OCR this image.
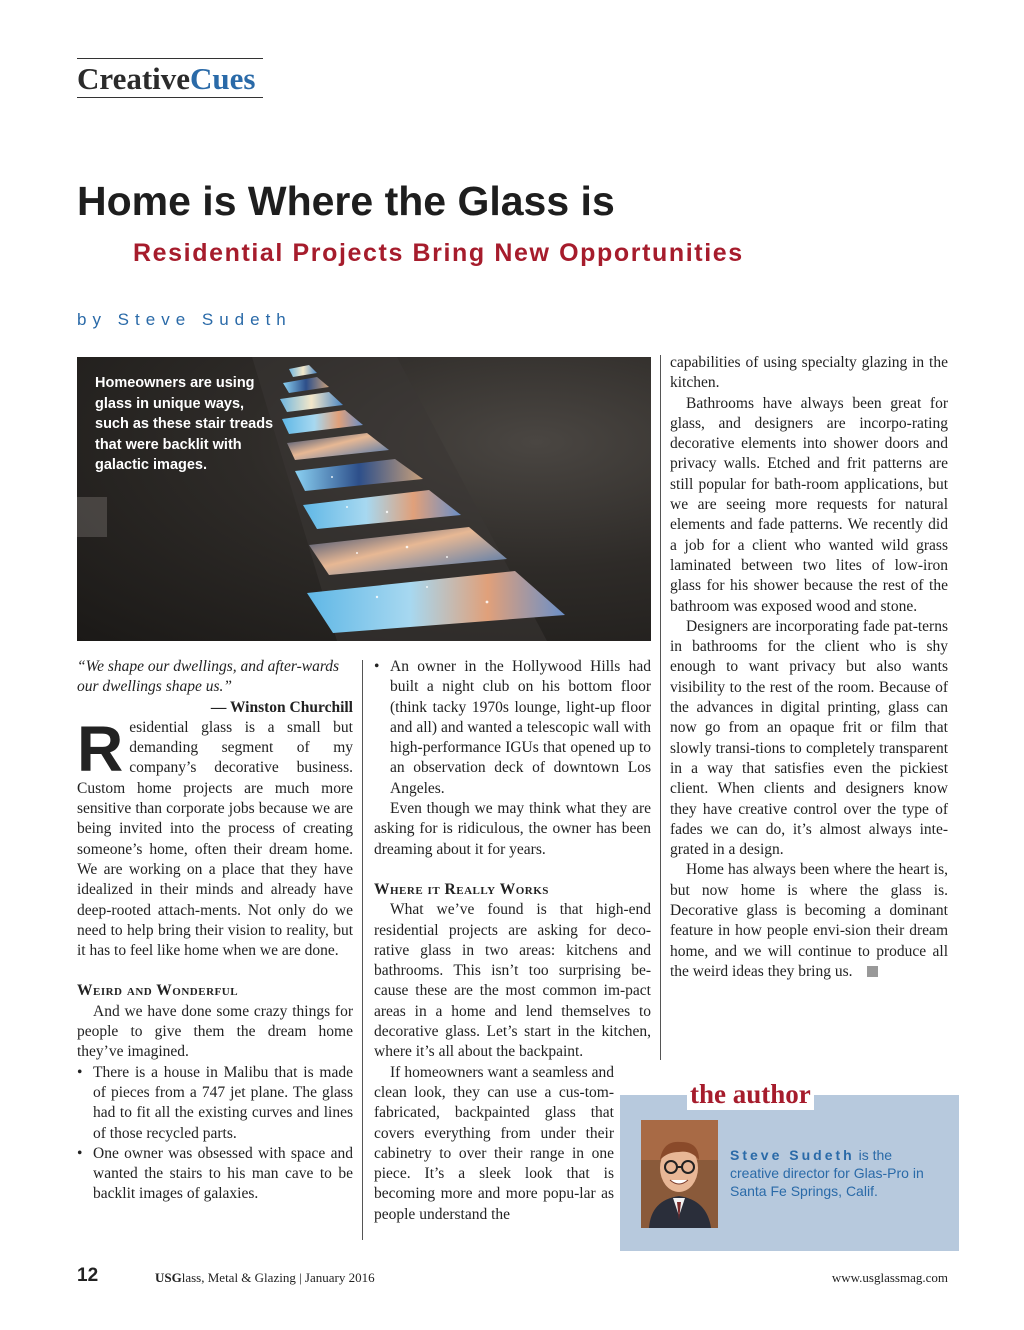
CreativeCues
Home is Where the Glass is
Residential Projects Bring New Opportunities
by Steve Sudeth
Homeowners are using glass in unique ways, such as these stair treads that were backlit with galactic images.

“We shape our dwellings, and after-wards our dwellings shape us.”

— Winston Churchill

Residential glass is a small but demanding segment of my company’s decorative business. Custom home projects are much more sensitive than corporate jobs because we are being invited into the process of creating someone’s home, often their dream home. We are working on a place that they have idealized in their minds and already have deep-rooted attach-ments. Not only do we need to help bring their vision to reality, but it has to feel like home when we are done.

Weird and Wonderful

And we have done some crazy things for people to give them the dream home they’ve imagined.

• There is a house in Malibu that is made of pieces from a 747 jet plane. The glass had to fit all the existing curves and lines of those recycled parts.

• One owner was obsessed with space and wanted the stairs to his man cave to be backlit images of galaxies.

• An owner in the Hollywood Hills had built a night club on his bottom floor (think tacky 1970s lounge, light-up floor and all) and wanted a telescopic wall with high-performance IGUs that opened up to an observation deck of downtown Los Angeles.

Even though we may think what they are asking for is ridiculous, the owner has been dreaming about it for years.

Where it Really Works

What we’ve found is that high-end residential projects are asking for deco-rative glass in two areas: kitchens and bathrooms. This isn’t too surprising be-cause these are the most common im-pact areas in a home and lend themselves to decorative glass. Let’s start in the kitchen, where it’s all about the backpaint.

If homeowners want a seamless and clean look, they can use a cus-tom-fabricated, backpainted glass that covers everything from under their cabinetry to over their range in one piece. It’s a sleek look that is becoming more and more popu-lar as people understand the

capabilities of using specialty glazing in the kitchen.

Bathrooms have always been great for glass, and designers are incorpo-rating decorative elements into shower doors and privacy walls. Etched and frit patterns are still popular for bath-room applications, but we are seeing more requests for natural elements and fade patterns. We recently did a job for a client who wanted wild grass laminated between two lites of low-iron glass for his shower because the rest of the bathroom was exposed wood and stone.

Designers are incorporating fade pat-terns in bathrooms for the client who is shy enough to want privacy but also wants visibility to the rest of the room. Because of the advances in digital printing, glass can now go from an opaque frit or film that slowly transi-tions to completely transparent in a way that satisfies even the pickiest client. When clients and designers know they have creative control over the type of fades we can do, it’s almost always inte-grated in a design.

Home has always been where the heart is, but now home is where the glass is. Decorative glass is becoming a dominant feature in how people envi-sion their dream home, and we will continue to produce all the weird ideas they bring us.

the author
Steve Sudeth is the creative director for Glas-Pro in Santa Fe Springs, Calif.
12	USGlass, Metal & Glazing | January 2016	www.usglassmag.com
